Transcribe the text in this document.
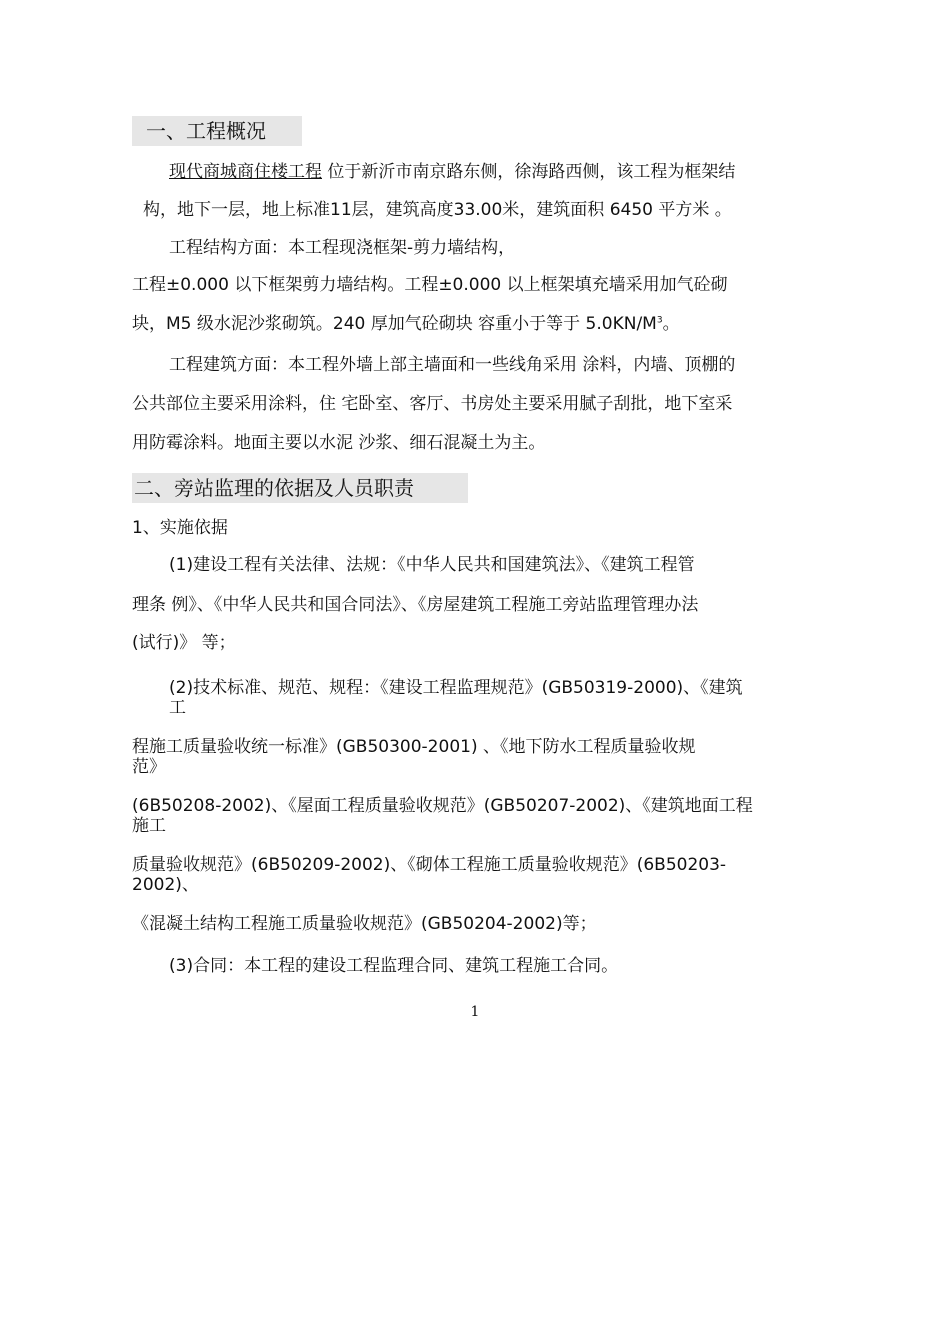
一、工程概况
现代商城商住楼工程 位于新沂市南京路东侧，徐海路西侧，该工程为框架结
构，地下一层，地上标准11层，建筑高度33.00米，建筑面积 6450 平方米 。
工程结构方面：本工程现浇框架-剪力墙结构，
工程±0.000 以下框架剪力墙结构。工程±0.000 以上框架填充墙采用加气砼砌
块，M5 级水泥沙浆砌筑。240 厚加气砼砌块 容重小于等于 $5.0KN/M^3$。
工程建筑方面：本工程外墙上部主墙面和一些线角采用 涂料，内墙、顶棚的
公共部位主要采用涂料，住 宅卧室、客厅、书房处主要采用腻子刮批，地下室采
用防霉涂料。地面主要以水泥 沙浆、细石混凝土为主。
二、旁站监理的依据及人员职责
1、实施依据
(1)建设工程有关法律、法规：《中华人民共和国建筑法》、《建筑工程管
理条 例》、《中华人民共和国合同法》、《房屋建筑工程施工旁站监理管理办法
(试行)》 等；
(2)技术标准、规范、规程：《建设工程监理规范》(GB50319-2000)、《建筑
工
程施工质量验收统一标准》(GB50300-2001) 、《地下防水工程质量验收规
范》
(6B50208-2002)、《屋面工程质量验收规范》(GB50207-2002)、《建筑地面工程
施工
质量验收规范》(6B50209-2002)、《砌体工程施工质量验收规范》(6B50203-
2002)、
《混凝土结构工程施工质量验收规范》(GB50204-2002)等；
(3)合同：本工程的建设工程监理合同、建筑工程施工合同。
1
